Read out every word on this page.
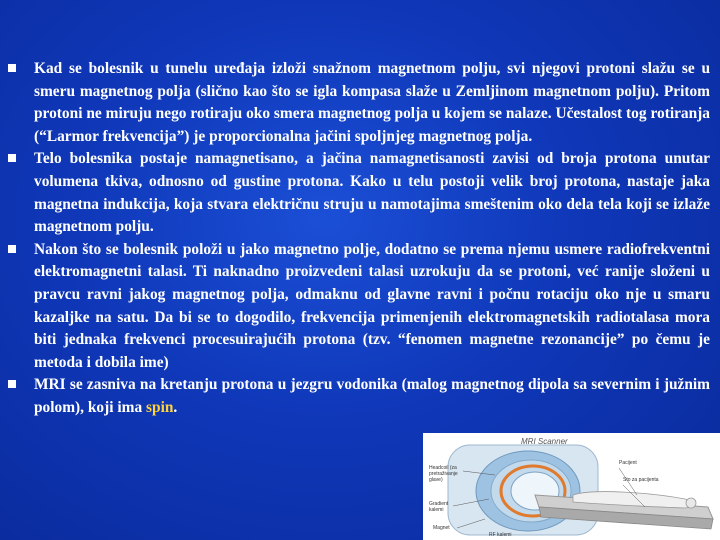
Kad se bolesnik u tunelu uređaja izloži snažnom magnetnom polju, svi njegovi protoni slažu se u smeru magnetnog polja (slično kao što se igla kompasa slaže u Zemljinom magnetnom polju). Pritom protoni ne miruju nego rotiraju oko smera magnetnog polja u kojem se nalaze. Učestalost tog rotiranja (“Larmor frekvencija”) je proporcionalna jačini spoljnjeg magnetnog polja.
Telo bolesnika postaje namagnetisano, a jačina namagnetisanosti zavisi od broja protona unutar volumena tkiva, odnosno od gustine protona. Kako u telu postoji velik broj protona, nastaje jaka magnetna indukcija, koja stvara električnu struju u namotajima smeštenim oko dela tela koji se izlaže magnetnom polju.
Nakon što se bolesnik položi u jako magnetno polje, dodatno se prema njemu usmere radiofrekventni elektromagnetni talasi. Ti naknadno proizvedeni talasi uzrokuju da se protoni, već ranije složeni u pravcu ravni jakog magnetnog polja, odmaknu od glavne ravni i počnu rotaciju oko nje u smaru kazaljke na satu. Da bi se to dogodilo, frekvencija primenjenih elektromagnetskih radiotalasa mora biti jednaka frekvenci procesuirajućih protona (tzv. “fenomen magnetne rezonancije” po čemu je metoda i dobila ime)
MRI se zasniva na kretanju protona u jezgru vodonika (malog magnetnog dipola sa severnim i južnim polom), koji ima spin.
MRI Scanner
Headcoil (za pretraživanje glave)
Gradient kalemi
Magnet
Pacijent
Sto za pacijenta
RF kalemi
